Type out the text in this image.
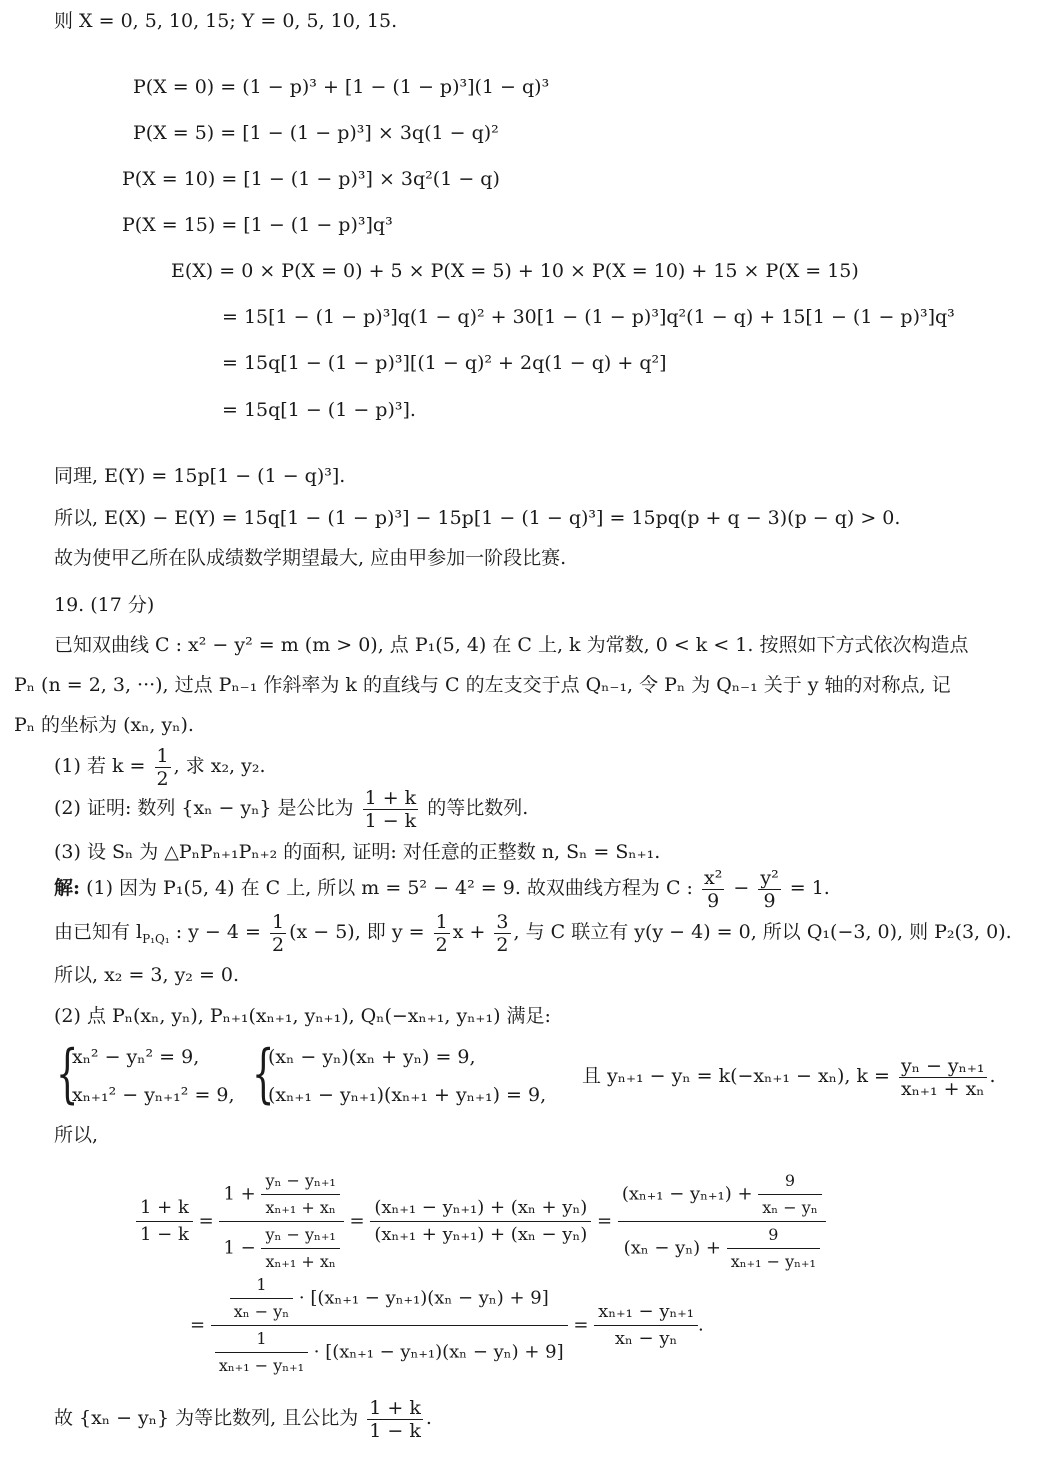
则 X = 0, 5, 10, 15; Y = 0, 5, 10, 15.
P(X = 0) = (1 − p)³ + [1 − (1 − p)³](1 − q)³
P(X = 5) = [1 − (1 − p)³] × 3q(1 − q)²
P(X = 10) = [1 − (1 − p)³] × 3q²(1 − q)
P(X = 15) = [1 − (1 − p)³]q³
E(X) = 0 × P(X = 0) + 5 × P(X = 5) + 10 × P(X = 10) + 15 × P(X = 15)
= 15[1 − (1 − p)³]q(1 − q)² + 30[1 − (1 − p)³]q²(1 − q) + 15[1 − (1 − p)³]q³
= 15q[1 − (1 − p)³][(1 − q)² + 2q(1 − q) + q²]
= 15q[1 − (1 − p)³].
同理, E(Y) = 15p[1 − (1 − q)³].
所以, E(X) − E(Y) = 15q[1 − (1 − p)³] − 15p[1 − (1 − q)³] = 15pq(p + q − 3)(p − q) > 0.
故为使甲乙所在队成绩数学期望最大, 应由甲参加一阶段比赛.
19. (17 分)
已知双曲线 C : x² − y² = m (m > 0), 点 P₁(5, 4) 在 C 上, k 为常数, 0 < k < 1. 按照如下方式依次构造点
Pₙ (n = 2, 3, ···), 过点 Pₙ₋₁ 作斜率为 k 的直线与 C 的左支交于点 Qₙ₋₁, 令 Pₙ 为 Qₙ₋₁ 关于 y 轴的对称点, 记
Pₙ 的坐标为 (xₙ, yₙ).
(1) 若 $k = \frac{1}{2}$ , 求 x₂, y₂.
(2) 证明: 数列 {xₙ − yₙ} 是公比为 $\frac{1 + k}{1 - k}$ 的等比数列.
(3) 设 Sₙ 为 △PₙPₙ₊₁Pₙ₊₂ 的面积, 证明: 对任意的正整数 n, Sₙ = Sₙ₊₁.
解: (1) 因为 P₁(5, 4) 在 C 上, 所以 m = 5² − 4² = 9. 故双曲线方程为 C : $\frac{\text{x²}}{9} - \frac{\text{y²}}{9} = 1$.
由已知有 $l_{P_1Q_1}$ : $y - 4 = \frac{1}{2} (x - 5)$, 即 $y = \frac{1}{2}$ $x + \frac{3}{2}$ , 与 C 联立有 y(y − 4) = 0, 所以 Q₁(−3, 0), 则 P₂(3, 0).
所以, x₂ = 3, y₂ = 0.
(2) 点 Pₙ(xₙ, yₙ), Pₙ₊₁(xₙ₊₁, yₙ₊₁), Qₙ(−xₙ₊₁, yₙ₊₁) 满足:
{
xₙ² − yₙ² = 9,
xₙ₊₁² − yₙ₊₁² = 9, {
(xₙ − yₙ)(xₙ + yₙ) = 9,
(xₙ₊₁ − yₙ₊₁)(xₙ₊₁ + yₙ₊₁) = 9,
且 yₙ₊₁ − yₙ = k(−xₙ₊₁ − xₙ), $k = \frac{\text{yₙ − yₙ₊₁}}{\text{xₙ₊₁ + xₙ}}$ .
所以,
$\frac{1 + k}{1 - k} = \frac{1 + \frac{\text{yₙ − yₙ₊₁}}{\text{xₙ₊₁ + xₙ}}}{1 - \frac{\text{yₙ − yₙ₊₁}}{\text{xₙ₊₁ + xₙ}}} = \frac{\text{(xₙ₊₁ − yₙ₊₁) + (xₙ + yₙ)}}{\text{(xₙ₊₁ + yₙ₊₁) + (xₙ − yₙ)}} = \frac{(x_{n+1} - y_{n+1}) + \frac{9}{\text{xₙ − yₙ}}}{(x_n - y_n) + \frac{9}{\text{xₙ₊₁ − yₙ₊₁}}}$
= $\frac{\frac{1}{\text{xₙ − yₙ}} \cdot [(x_{n+1} - y_{n+1})(x_n - y_n) + 9]}{\frac{1}{\text{xₙ₊₁ − yₙ₊₁}} \cdot [(x_{n+1} - y_{n+1})(x_n - y_n) + 9]} = \frac{\text{xₙ₊₁ − yₙ₊₁}}{\text{xₙ − yₙ}}$ .
故 {xₙ − yₙ} 为等比数列, 且公比为 $\frac{1 + k}{1 - k}$ .
